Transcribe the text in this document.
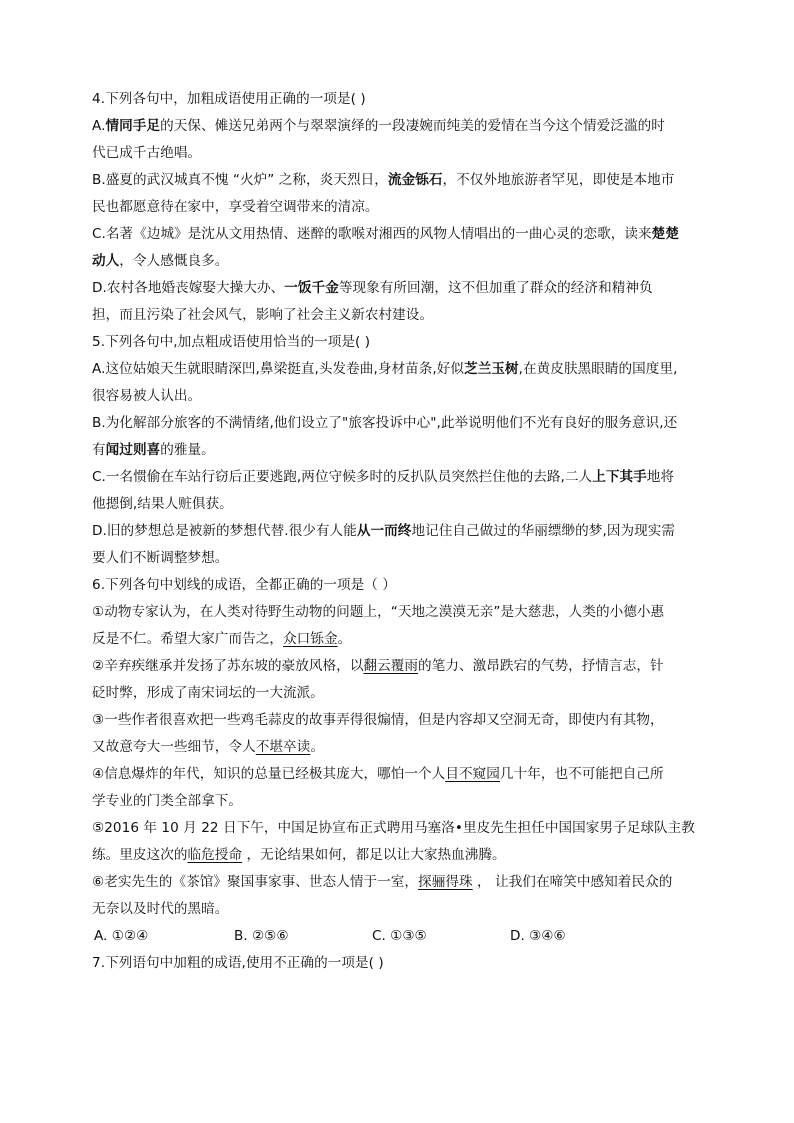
4.下列各句中，加粗成语使用正确的一项是( )
A.情同手足的天保、傩送兄弟两个与翠翠演绎的一段凄婉而纯美的爱情在当今这个情爱泛滥的时
代已成千古绝唱。
B.盛夏的武汉城真不愧 “火炉” 之称，炎天烈日，流金铄石，不仅外地旅游者罕见，即使是本地市
民也都愿意待在家中，享受着空调带来的清凉。
C.名著《边城》是沈从文用热情、迷醉的歌喉对湘西的风物人情唱出的一曲心灵的恋歌，读来楚楚
动人，令人感慨良多。
D.农村各地婚丧嫁娶大操大办、一饭千金等现象有所回潮，这不但加重了群众的经济和精神负
担，而且污染了社会风气，影响了社会主义新农村建设。
5.下列各句中,加点粗成语使用恰当的一项是( )
A.这位姑娘天生就眼睛深凹,鼻梁挺直,头发卷曲,身材苗条,好似芝兰玉树,在黄皮肤黑眼睛的国度里,
很容易被人认出。
B.为化解部分旅客的不满情绪,他们设立了"旅客投诉中心",此举说明他们不光有良好的服务意识,还
有闻过则喜的雅量。
C.一名惯偷在车站行窃后正要逃跑,两位守候多时的反扒队员突然拦住他的去路,二人上下其手地将
他摁倒,结果人赃俱获。
D.旧的梦想总是被新的梦想代替.很少有人能从一而终地记住自己做过的华丽缥缈的梦,因为现实需
要人们不断调整梦想。
6.下列各句中划线的成语，全都正确的一项是（ ）
①动物专家认为，在人类对待野生动物的问题上，“天地之漠漠无亲”是大慈悲，人类的小德小惠
反是不仁。希望大家广而告之，众口铄金。
②辛弃疾继承并发扬了苏东坡的豪放风格，以翻云覆雨的笔力、激昂跌宕的气势，抒情言志，针
砭时弊，形成了南宋词坛的一大流派。
③一些作者很喜欢把一些鸡毛蒜皮的故事弄得很煽情，但是内容却又空洞无奇，即使内有其物，
又故意夸大一些细节，令人不堪卒读。
④信息爆炸的年代，知识的总量已经极其庞大，哪怕一个人目不窥园几十年，也不可能把自己所
学专业的门类全部拿下。
⑤2016 年 10 月 22 日下午，中国足协宣布正式聘用马塞洛•里皮先生担任中国国家男子足球队主教
练。里皮这次的临危授命 ，无论结果如何，都足以让大家热血沸腾。
⑥老实先生的《茶馆》聚国事家事、世态人情于一室，探骊得珠 ， 让我们在啼笑中感知着民众的
无奈以及时代的黑暗。
A. ①②④	B. ②⑤⑥	C. ①③⑤	D. ③④⑥
7.下列语句中加粗的成语,使用不正确的一项是( )
